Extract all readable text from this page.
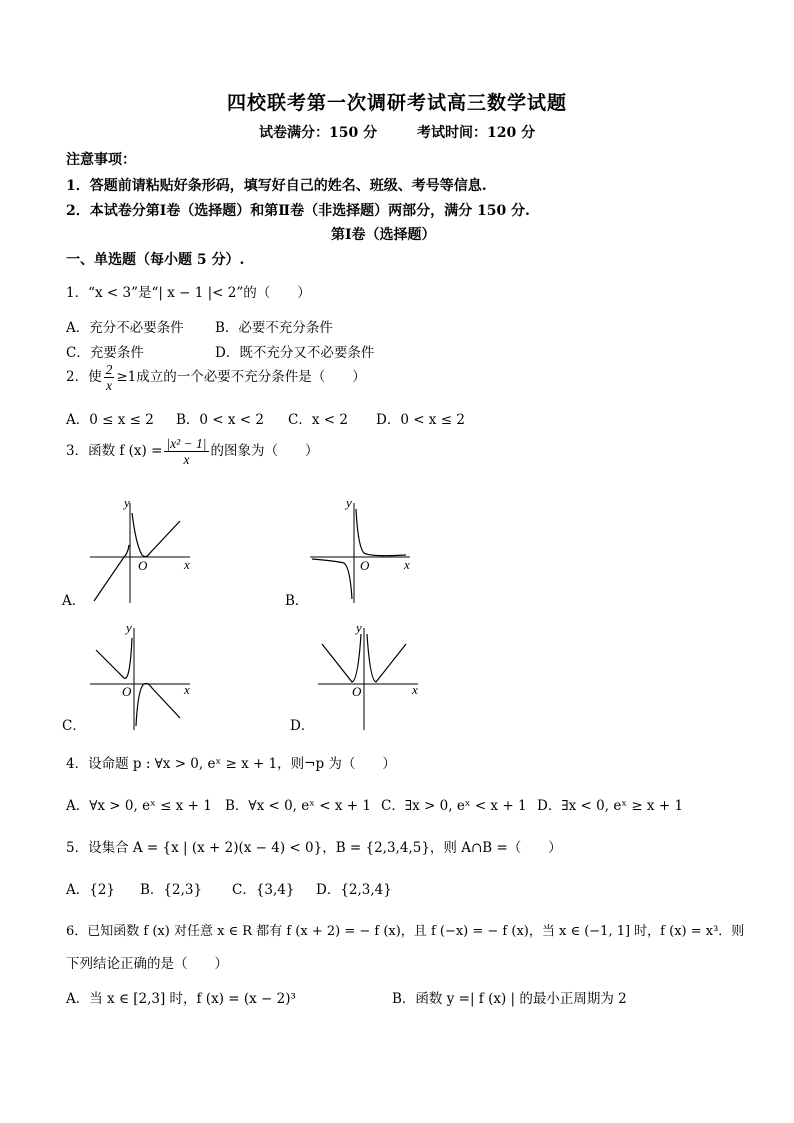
四校联考第一次调研考试高三数学试题
试卷满分：150 分	考试时间：120 分
注意事项：
1．答题前请粘贴好条形码，填写好自己的姓名、班级、考号等信息.
2．本试卷分第Ⅰ卷（选择题）和第Ⅱ卷（非选择题）两部分，满分 150 分.
第Ⅰ卷（选择题）
一、单选题（每小题 5 分）.
1．“x < 3”是“| x − 1 |< 2”的（　　）
A．充分不必要条件 B．必要不充分条件
C．充要条件	D．既不充分又不必要条件
2．使 $\frac{2}{x} \ge 1$成立的一个必要不充分条件是（　　）
A．0 ≤ x ≤ 2 B．0 < x < 2 C．x < 2 D．0 < x ≤ 2
3．函数 f $(x) = \frac{\text{|x² − 1|}}{x}$ 的图象为（　　）
A．
y
x
O
B．
y
x
O
C．
y
x
O
D．
y
x
O
4．设命题 p : ∀x > 0, eˣ ≥ x + 1，则¬p 为（　　）
A．∀x > 0, eˣ ≤ x + 1 B．∀x < 0, eˣ < x + 1 C．∃x > 0, eˣ < x + 1 D．∃x < 0, eˣ ≥ x + 1
5．设集合 A = {x | (x + 2)(x − 4) < 0}，B = {2,3,4,5}，则 A∩B =（　　）
A．{2} B．{2,3} C．{3,4} D．{2,3,4}
6．已知函数 f (x) 对任意 x ∈ R 都有 f (x + 2) = − f (x)，且 f (−x) = − f (x)，当 x ∈ (−1, 1] 时，f (x) = x³．则
下列结论正确的是（　　）
A．当 x ∈ [2,3] 时，f (x) = (x − 2)³	B．函数 y =| f (x) | 的最小正周期为 2
